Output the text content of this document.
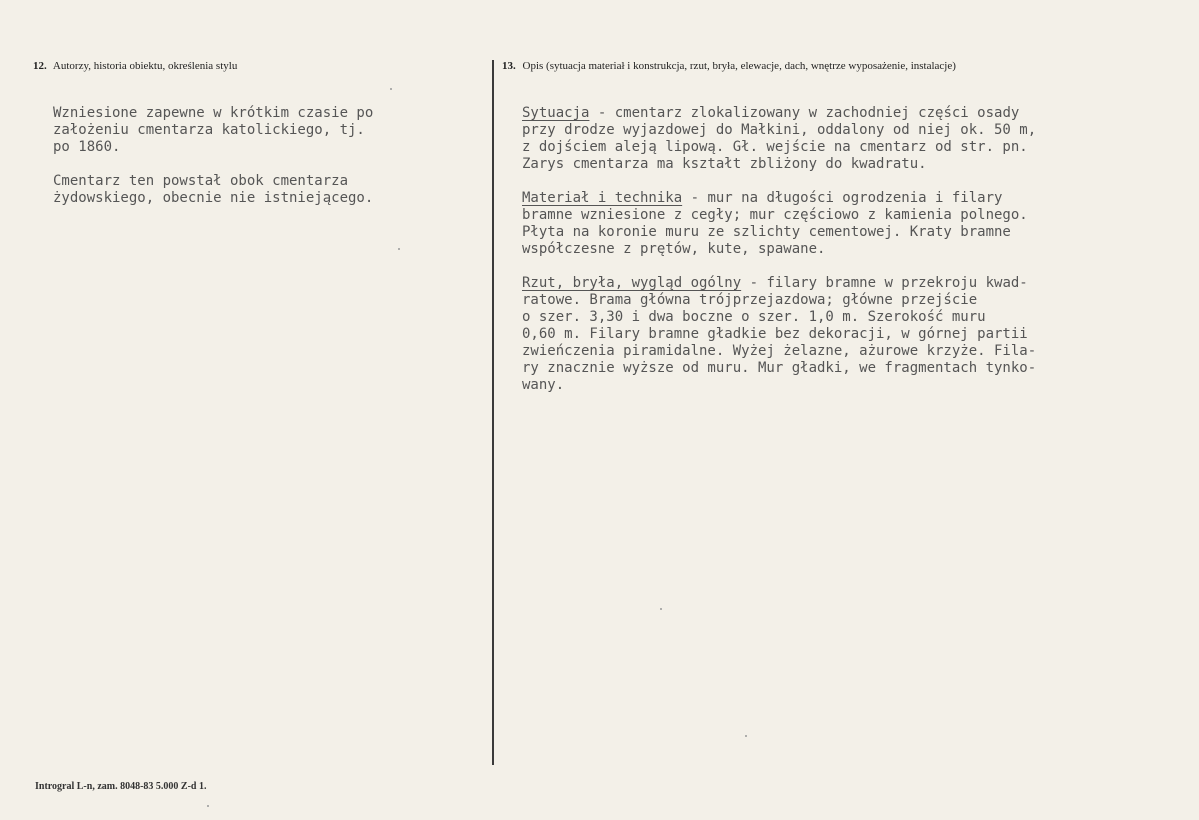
12. Autorzy, historia obiektu, określenia stylu	13. Opis (sytuacja materiał i konstrukcja, rzut, bryła, elewacje, dach, wnętrze wyposażenie, instalacje)

Wzniesione zapewne w krótkim czasie po
założeniu cmentarza katolickiego, tj.
po 1860.

Cmentarz ten powstał obok cmentarza
żydowskiego, obecnie nie istniejącego.

Sytuacja - cmentarz zlokalizowany w zachodniej części osady
przy drodze wyjazdowej do Małkini, oddalony od niej ok. 50 m,
z dojściem aleją lipową. Gł. wejście na cmentarz od str. pn.
Zarys cmentarza ma kształt zbliżony do kwadratu.
Materiał i technika - mur na długości ogrodzenia i filary
bramne wzniesione z cegły; mur częściowo z kamienia polnego.
Płyta na koronie muru ze szlichty cementowej. Kraty bramne
współczesne z prętów, kute, spawane.
Rzut, bryła, wygląd ogólny - filary bramne w przekroju kwad-
ratowe. Brama główna trójprzejazdowa; główne przejście
o szer. 3,30 i dwa boczne o szer. 1,0 m. Szerokość muru
0,60 m. Filary bramne gładkie bez dekoracji, w górnej partii
zwieńczenia piramidalne. Wyżej żelazne, ażurowe krzyże. Fila-
ry znacznie wyższe od muru. Mur gładki, we fragmentach tynko-
wany.
Introgral L-n, zam. 8048-83 5.000 Z-d 1.
